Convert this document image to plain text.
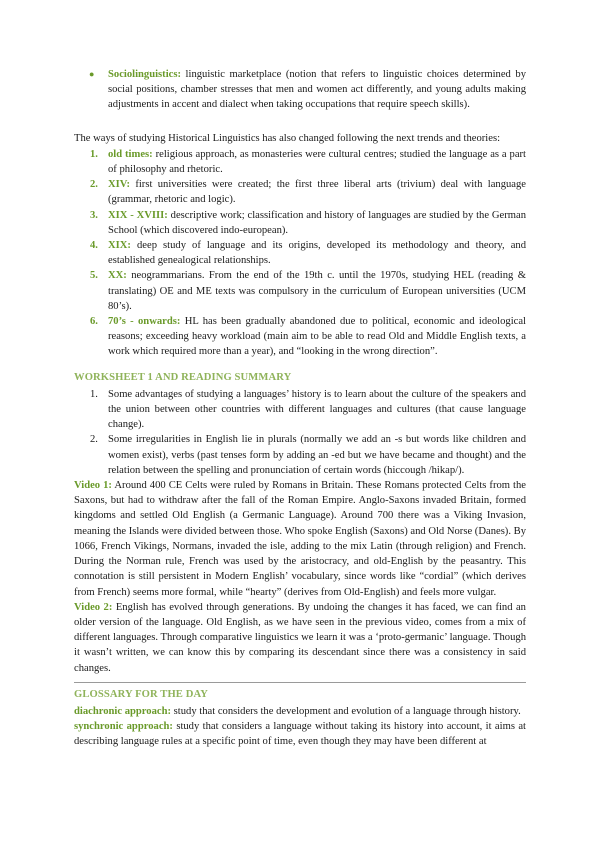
● Sociolinguistics: linguistic marketplace (notion that refers to linguistic choices determined by social positions, chamber stresses that men and women act differently, and young adults making adjustments in accent and dialect when taking occupations that require speech skills).

The ways of studying Historical Linguistics has also changed following the next trends and theories:

1. old times: religious approach, as monasteries were cultural centres; studied the language as a part of philosophy and rhetoric.
2. XIV: first universities were created; the first three liberal arts (trivium) deal with language (grammar, rhetoric and logic).
3. XIX - XVIII: descriptive work; classification and history of languages are studied by the German School (which discovered indo-european).
4. XIX: deep study of language and its origins, developed its methodology and theory, and established genealogical relationships.
5. XX: neogrammarians. From the end of the 19th c. until the 1970s, studying HEL (reading & translating) OE and ME texts was compulsory in the curriculum of European universities (UCM 80’s).
6. 70’s - onwards: HL has been gradually abandoned due to political, economic and ideological reasons; exceeding heavy workload (main aim to be able to read Old and Middle English texts, a work which required more than a year), and “looking in the wrong direction”.
WORKSHEET 1 AND READING SUMMARY
1. Some advantages of studying a languages’ history is to learn about the culture of the speakers and the union between other countries with different languages and cultures (that cause language change).
2. Some irregularities in English lie in plurals (normally we add an -s but words like children and women exist), verbs (past tenses form by adding an -ed but we have became and thought) and the relation between the spelling and pronunciation of certain words (hiccough /hikap/).

Video 1: Around 400 CE Celts were ruled by Romans in Britain. These Romans protected Celts from the Saxons, but had to withdraw after the fall of the Roman Empire. Anglo-Saxons invaded Britain, formed kingdoms and settled Old English (a Germanic Language). Around 700 there was a Viking Invasion, meaning the Islands were divided between those. Who spoke English (Saxons) and Old Norse (Danes). By 1066, French Vikings, Normans, invaded the isle, adding to the mix Latin (through religion) and French. During the Norman rule, French was used by the aristocracy, and old-English by the peasantry. This connotation is still persistent in Modern English’ vocabulary, since words like “cordial” (which derives from French) seems more formal, while “hearty” (derives from Old-English) and feels more vulgar.

Video 2: English has evolved through generations. By undoing the changes it has faced, we can find an older version of the language. Old English, as we have seen in the previous video, comes from a mix of different languages. Through comparative linguistics we learn it was a ‘proto-germanic’ language. Though it wasn’t written, we can know this by comparing its descendant since there was a consistency in said changes.

GLOSSARY FOR THE DAY

diachronic approach: study that considers the development and evolution of a language through history.

synchronic approach: study that considers a language without taking its history into account, it aims at describing language rules at a specific point of time, even though they may have been different at
